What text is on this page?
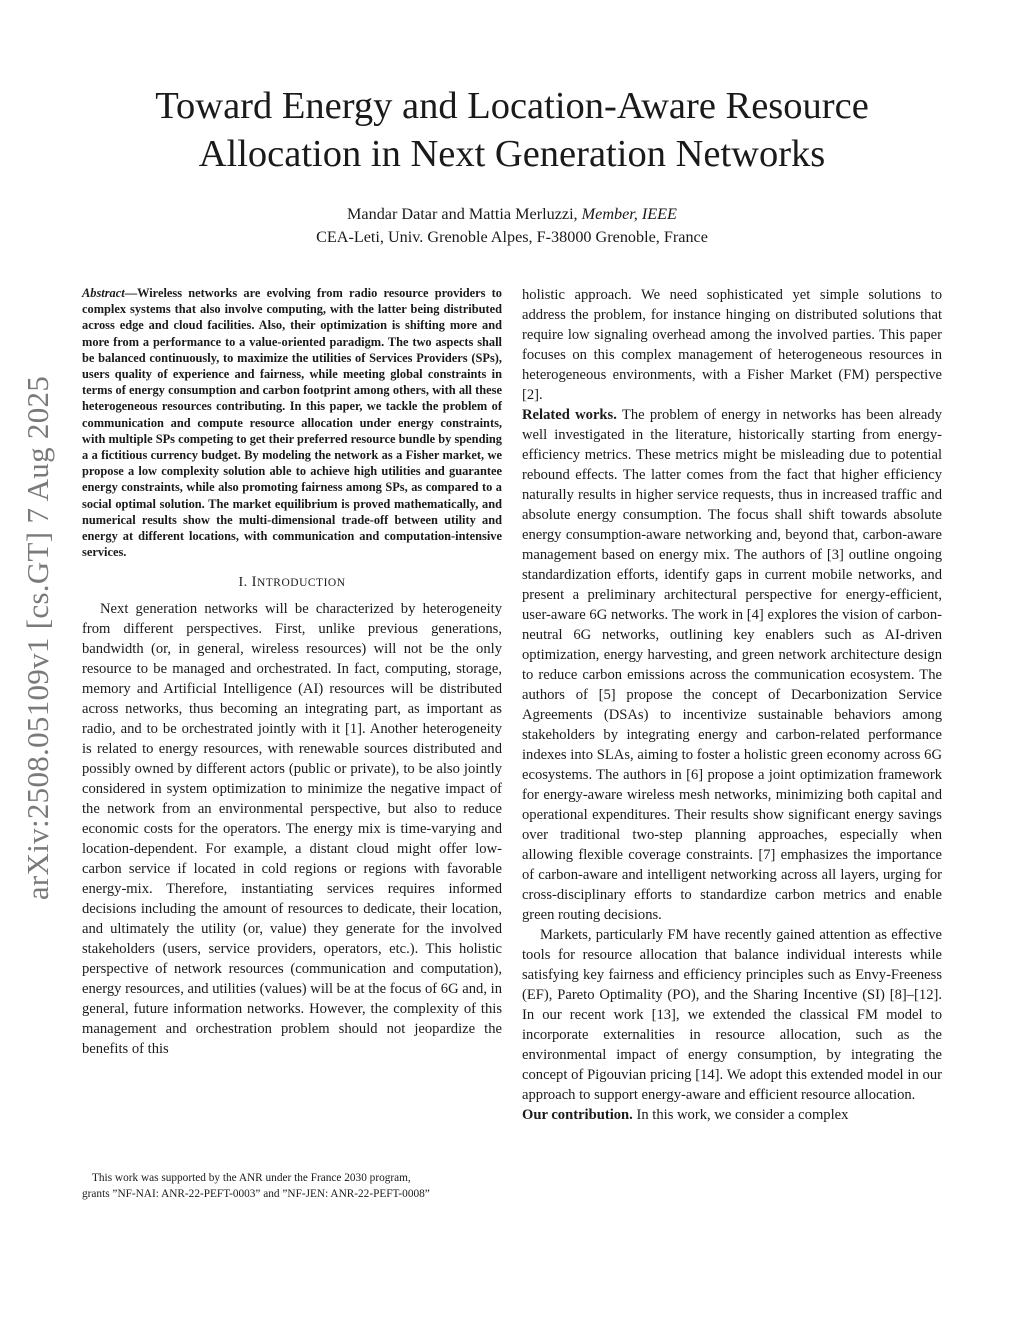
arXiv:2508.05109v1 [cs.GT] 7 Aug 2025
Toward Energy and Location-Aware Resource
Allocation in Next Generation Networks
Mandar Datar and Mattia Merluzzi, Member, IEEE
CEA-Leti, Univ. Grenoble Alpes, F-38000 Grenoble, France

Abstract—Wireless networks are evolving from radio resource providers to complex systems that also involve computing, with the latter being distributed across edge and cloud facilities. Also, their optimization is shifting more and more from a performance to a value-oriented paradigm. The two aspects shall be balanced continuously, to maximize the utilities of Services Providers (SPs), users quality of experience and fairness, while meeting global constraints in terms of energy consumption and carbon footprint among others, with all these heterogeneous resources contributing. In this paper, we tackle the problem of communication and compute resource allocation under energy constraints, with multiple SPs competing to get their preferred resource bundle by spending a a fictitious currency budget. By modeling the network as a Fisher market, we propose a low complexity solution able to achieve high utilities and guarantee energy constraints, while also promoting fairness among SPs, as compared to a social optimal solution. The market equilibrium is proved mathematically, and numerical results show the multi-dimensional trade-off between utility and energy at different locations, with communication and computation-intensive services.

I. INTRODUCTION

Next generation networks will be characterized by heterogeneity from different perspectives. First, unlike previous generations, bandwidth (or, in general, wireless resources) will not be the only resource to be managed and orchestrated. In fact, computing, storage, memory and Artificial Intelligence (AI) resources will be distributed across networks, thus becoming an integrating part, as important as radio, and to be orchestrated jointly with it [1]. Another heterogeneity is related to energy resources, with renewable sources distributed and possibly owned by different actors (public or private), to be also jointly considered in system optimization to minimize the negative impact of the network from an environmental perspective, but also to reduce economic costs for the operators. The energy mix is time-varying and location-dependent. For example, a distant cloud might offer low-carbon service if located in cold regions or regions with favorable energy-mix. Therefore, instantiating services requires informed decisions including the amount of resources to dedicate, their location, and ultimately the utility (or, value) they generate for the involved stakeholders (users, service providers, operators, etc.). This holistic perspective of network resources (communication and computation), energy resources, and utilities (values) will be at the focus of 6G and, in general, future information networks. However, the complexity of this management and orchestration problem should not jeopardize the benefits of this

This work was supported by the ANR under the France 2030 program,
grants ”NF-NAI: ANR-22-PEFT-0003” and ”NF-JEN: ANR-22-PEFT-0008”

holistic approach. We need sophisticated yet simple solutions to address the problem, for instance hinging on distributed solutions that require low signaling overhead among the involved parties. This paper focuses on this complex management of heterogeneous resources in heterogeneous environments, with a Fisher Market (FM) perspective [2].

Related works. The problem of energy in networks has been already well investigated in the literature, historically starting from energy-efficiency metrics. These metrics might be misleading due to potential rebound effects. The latter comes from the fact that higher efficiency naturally results in higher service requests, thus in increased traffic and absolute energy consumption. The focus shall shift towards absolute energy consumption-aware networking and, beyond that, carbon-aware management based on energy mix. The authors of [3] outline ongoing standardization efforts, identify gaps in current mobile networks, and present a preliminary architectural perspective for energy-efficient, user-aware 6G networks. The work in [4] explores the vision of carbon-neutral 6G networks, outlining key enablers such as AI-driven optimization, energy harvesting, and green network architecture design to reduce carbon emissions across the communication ecosystem. The authors of [5] propose the concept of Decarbonization Service Agreements (DSAs) to incentivize sustainable behaviors among stakeholders by integrating energy and carbon-related performance indexes into SLAs, aiming to foster a holistic green economy across 6G ecosystems. The authors in [6] propose a joint optimization framework for energy-aware wireless mesh networks, minimizing both capital and operational expenditures. Their results show significant energy savings over traditional two-step planning approaches, especially when allowing flexible coverage constraints. [7] emphasizes the importance of carbon-aware and intelligent networking across all layers, urging for cross-disciplinary efforts to standardize carbon metrics and enable green routing decisions.

Markets, particularly FM have recently gained attention as effective tools for resource allocation that balance individual interests while satisfying key fairness and efficiency principles such as Envy-Freeness (EF), Pareto Optimality (PO), and the Sharing Incentive (SI) [8]–[12]. In our recent work [13], we extended the classical FM model to incorporate externalities in resource allocation, such as the environmental impact of energy consumption, by integrating the concept of Pigouvian pricing [14]. We adopt this extended model in our approach to support energy-aware and efficient resource allocation.

Our contribution. In this work, we consider a complex
